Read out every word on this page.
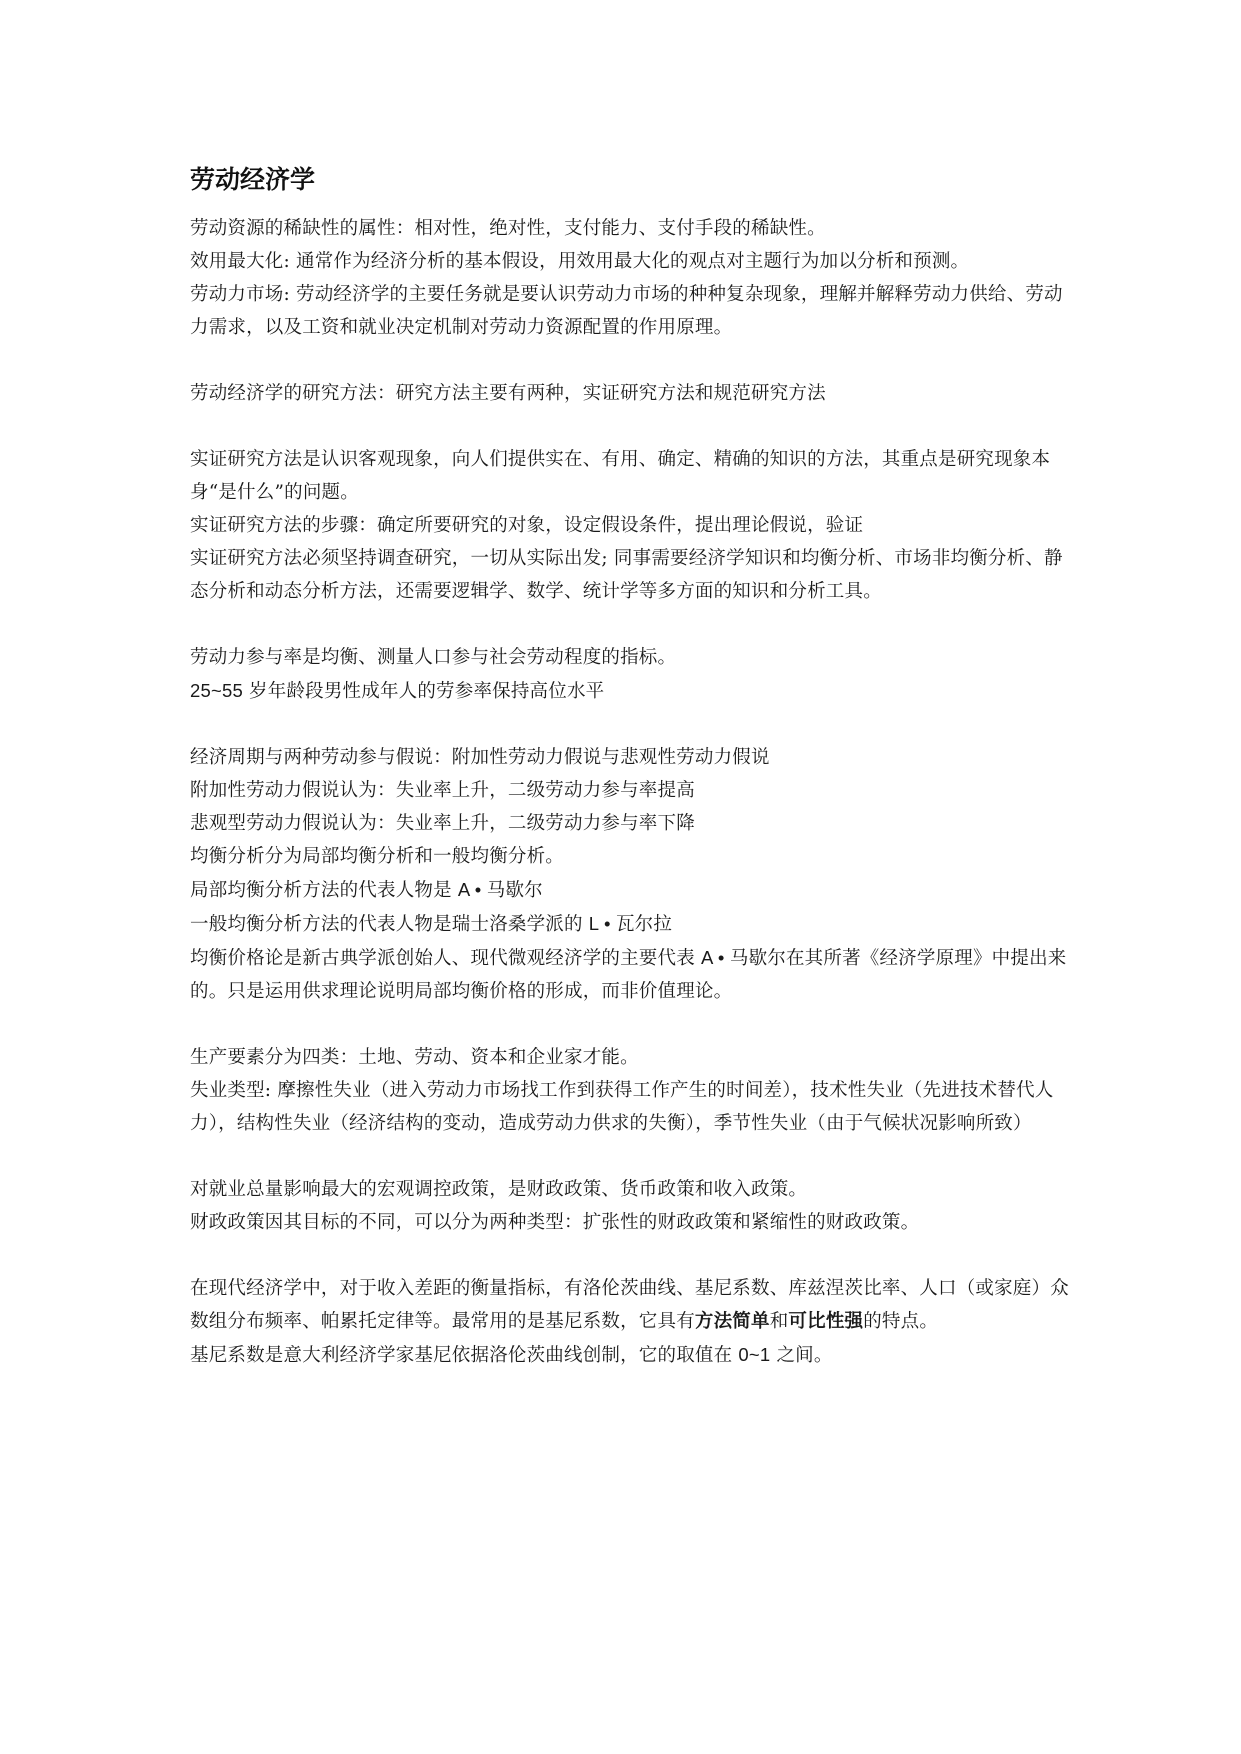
劳动经济学

劳动资源的稀缺性的属性：相对性，绝对性，支付能力、支付手段的稀缺性。

效用最大化: 通常作为经济分析的基本假设，用效用最大化的观点对主题行为加以分析和预测。

劳动力市场: 劳动经济学的主要任务就是要认识劳动力市场的种种复杂现象，理解并解释劳动力供给、劳动力需求，以及工资和就业决定机制对劳动力资源配置的作用原理。

劳动经济学的研究方法：研究方法主要有两种，实证研究方法和规范研究方法

实证研究方法是认识客观现象，向人们提供实在、有用、确定、精确的知识的方法，其重点是研究现象本身“是什么”的问题。

实证研究方法的步骤：确定所要研究的对象，设定假设条件，提出理论假说，验证

实证研究方法必须坚持调查研究，一切从实际出发; 同事需要经济学知识和均衡分析、市场非均衡分析、静态分析和动态分析方法，还需要逻辑学、数学、统计学等多方面的知识和分析工具。

劳动力参与率是均衡、测量人口参与社会劳动程度的指标。

25~55 岁年龄段男性成年人的劳参率保持高位水平

经济周期与两种劳动参与假说：附加性劳动力假说与悲观性劳动力假说

附加性劳动力假说认为：失业率上升，二级劳动力参与率提高

悲观型劳动力假说认为：失业率上升，二级劳动力参与率下降

均衡分析分为局部均衡分析和一般均衡分析。

局部均衡分析方法的代表人物是 A • 马歇尔

一般均衡分析方法的代表人物是瑞士洛桑学派的 L • 瓦尔拉

均衡价格论是新古典学派创始人、现代微观经济学的主要代表 A • 马歇尔在其所著《经济学原理》中提出来的。只是运用供求理论说明局部均衡价格的形成，而非价值理论。

生产要素分为四类：土地、劳动、资本和企业家才能。

失业类型: 摩擦性失业（进入劳动力市场找工作到获得工作产生的时间差），技术性失业（先进技术替代人力），结构性失业（经济结构的变动，造成劳动力供求的失衡），季节性失业（由于气候状况影响所致）

对就业总量影响最大的宏观调控政策，是财政政策、货币政策和收入政策。

财政政策因其目标的不同，可以分为两种类型：扩张性的财政政策和紧缩性的财政政策。

在现代经济学中，对于收入差距的衡量指标，有洛伦茨曲线、基尼系数、库兹涅茨比率、人口（或家庭）众数组分布频率、帕累托定律等。最常用的是基尼系数，它具有方法简单和可比性强的特点。

基尼系数是意大利经济学家基尼依据洛伦茨曲线创制，它的取值在 0~1 之间。
